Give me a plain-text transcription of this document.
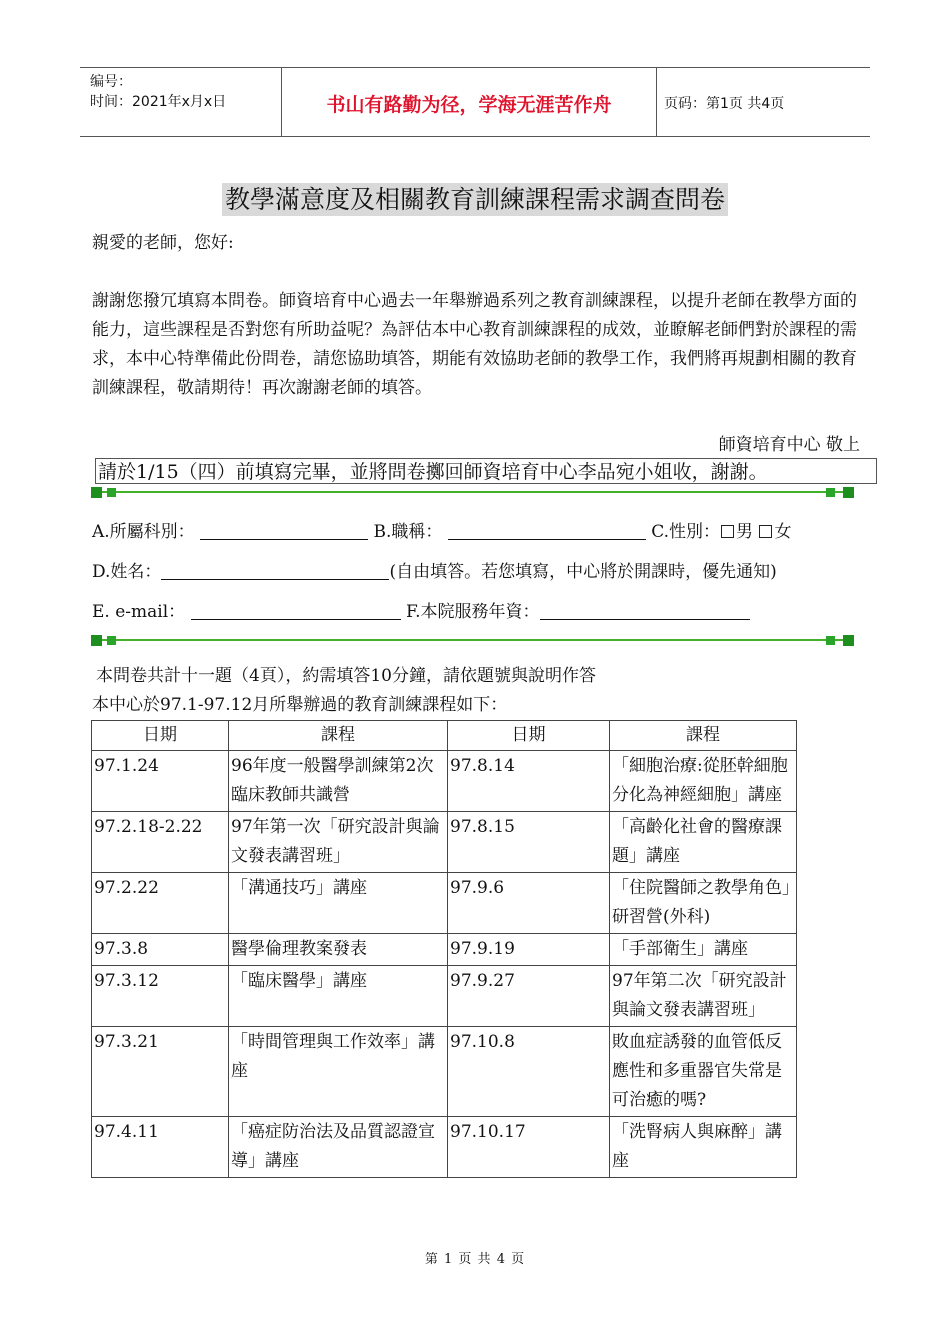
编号：
时间：2021年x月x日	书山有路勤为径，学海无涯苦作舟	页码：第1页 共4页
教學滿意度及相關教育訓練課程需求調查問卷
親愛的老師，您好:
謝謝您撥冗填寫本問卷。師資培育中心過去一年舉辦過系列之教育訓練課程，以提升老師在教學方面的能力，這些課程是否對您有所助益呢？為評估本中心教育訓練課程的成效，並瞭解老師們對於課程的需求，本中心特準備此份問卷，請您協助填答，期能有效協助老師的教學工作，我們將再規劃相關的教育訓練課程，敬請期待！再次謝謝老師的填答。
師資培育中心 敬上
請於1/15（四）前填寫完畢，並將問卷擲回師資培育中心李品宛小姐收，謝謝。
A.所屬科別：	B.職稱：	C.性別： 男 女
D.姓名：	(自由填答。若您填寫，中心將於開課時，優先通知)
E. e-mail：	F.本院服務年資：
本問卷共計十一題（4頁），約需填答10分鐘，請依題號與說明作答
本中心於97.1-97.12月所舉辦過的教育訓練課程如下：
日期	課程	日期	課程
97.1.24	96年度一般醫學訓練第2次臨床教師共識營	97.8.14	「細胞治療:從胚幹細胞分化為神經細胞」講座
97.2.18-2.22	97年第一次「研究設計與論文發表講習班」	97.8.15	「高齡化社會的醫療課題」講座
97.2.22	「溝通技巧」講座	97.9.6	「住院醫師之教學角色」研習營(外科)
97.3.8	醫學倫理教案發表	97.9.19	「手部衛生」講座
97.3.12	「臨床醫學」講座	97.9.27	97年第二次「研究設計與論文發表講習班」
97.3.21	「時間管理與工作效率」講座	97.10.8	敗血症誘發的血管低反應性和多重器官失常是可治癒的嗎?
97.4.11	「癌症防治法及品質認證宣導」講座	97.10.17	「洗腎病人與麻醉」講座
第 1 页 共 4 页
